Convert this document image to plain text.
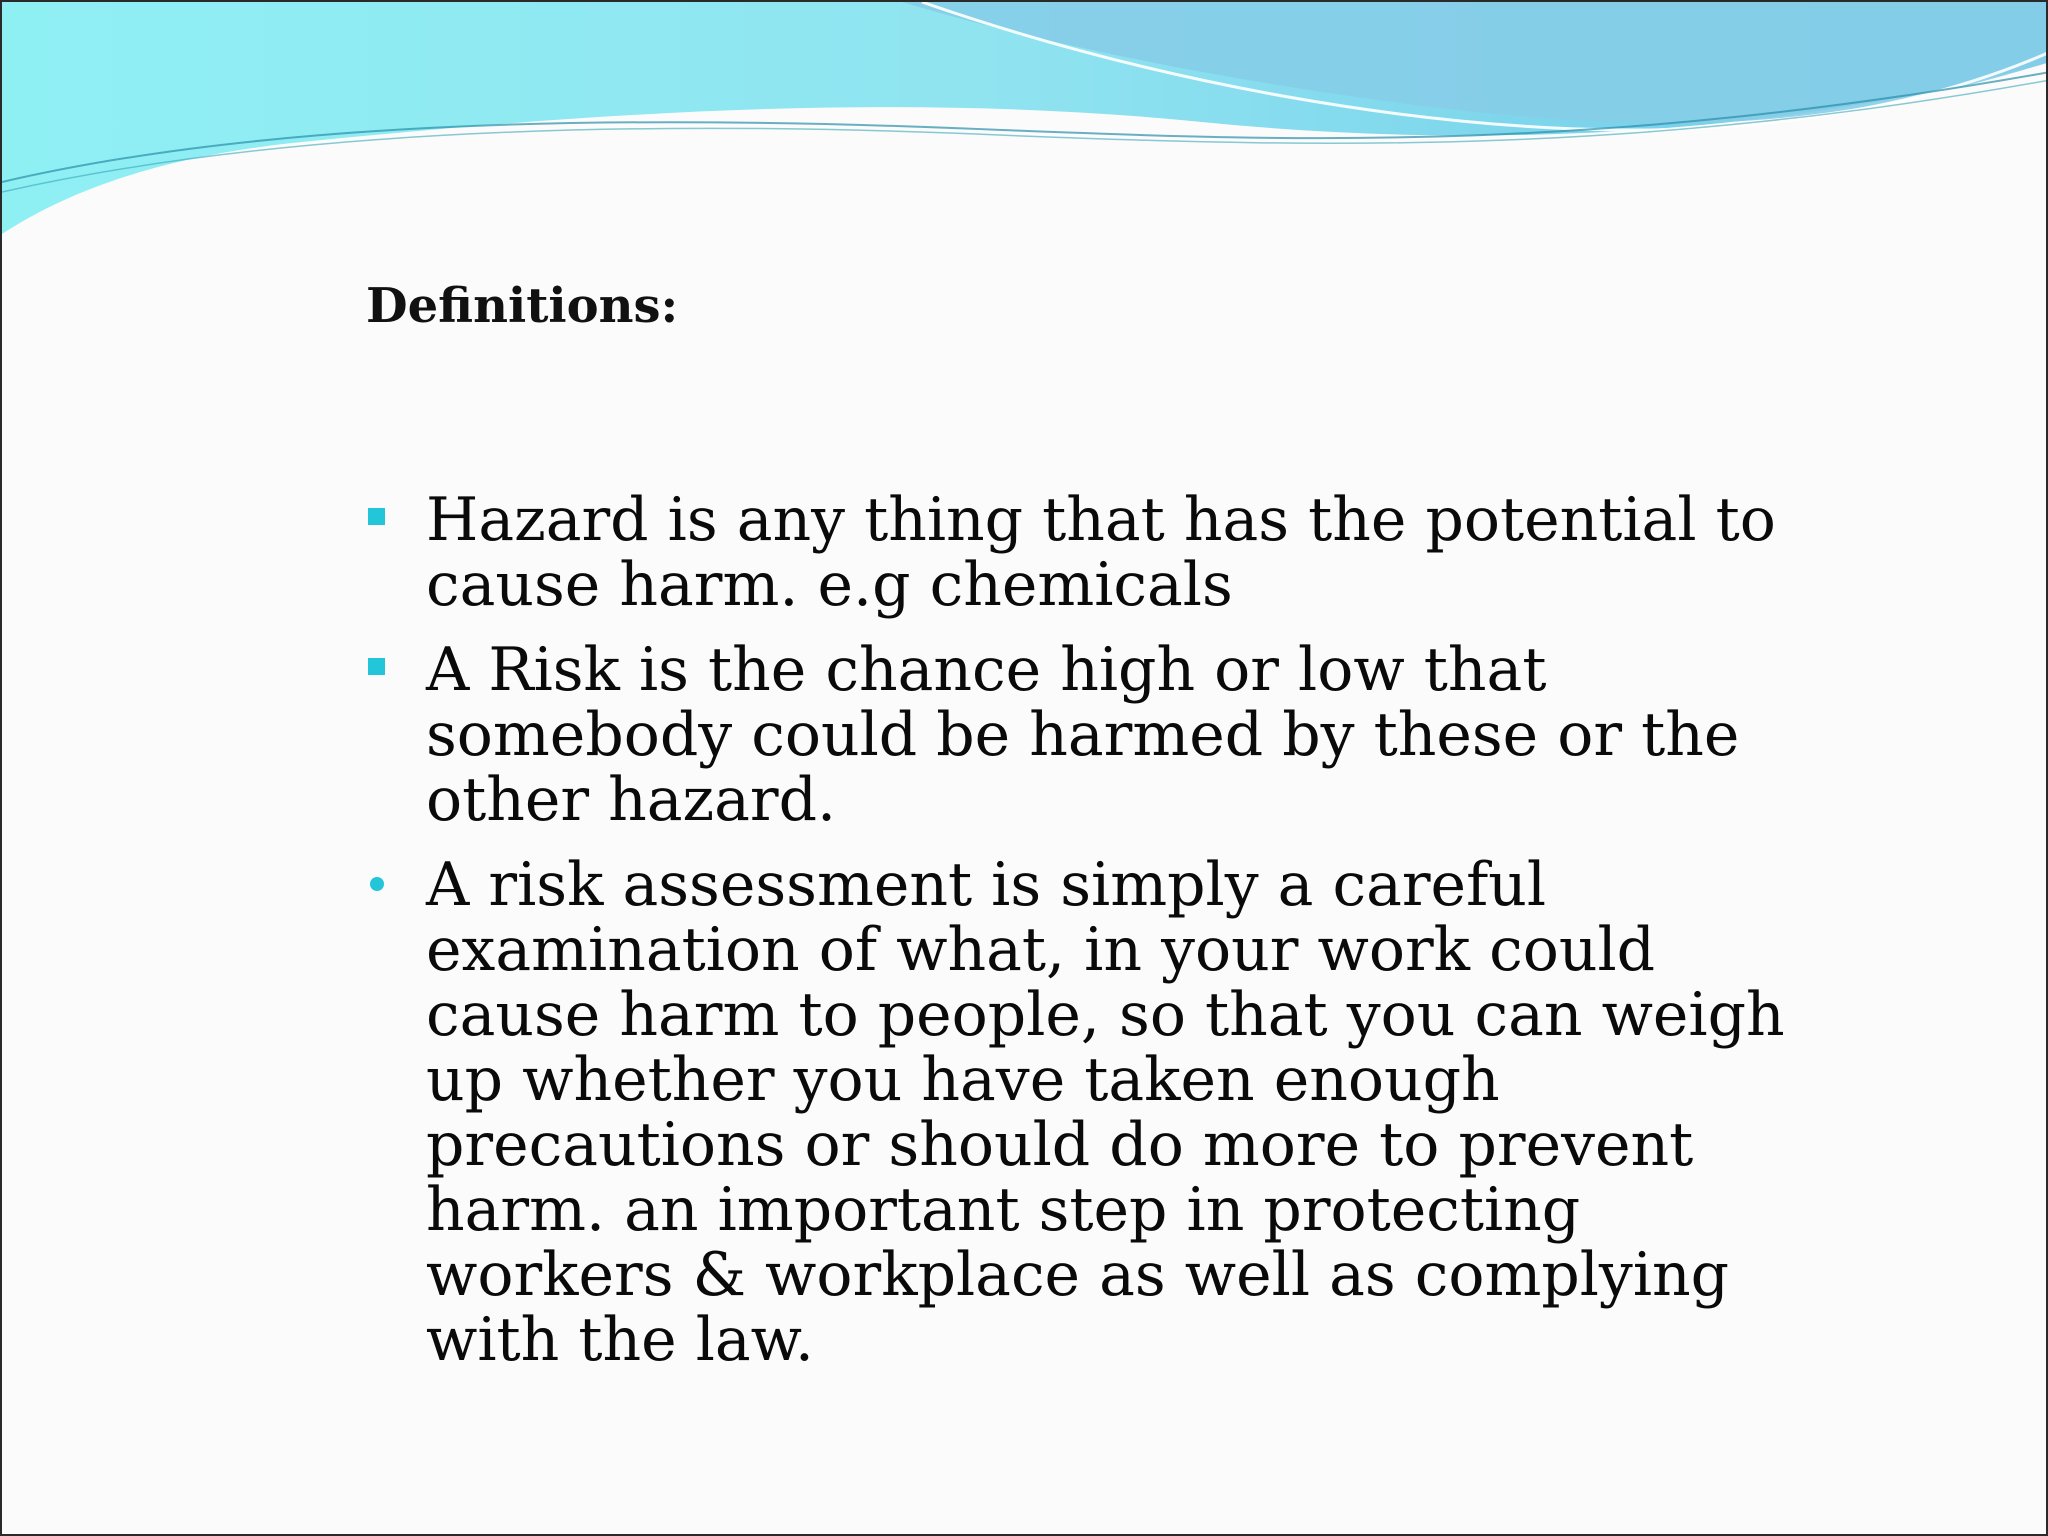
Definitions:
Hazard is any thing that has the potential to cause harm. e.g chemicals
A Risk is the chance high or low that somebody could be harmed by these or the other hazard.
A risk assessment is simply a careful examination of what, in your work could cause harm to people, so that you can weigh up whether you have taken enough precautions or should do more to prevent harm. an important step in protecting workers & workplace as well as complying with the law.
